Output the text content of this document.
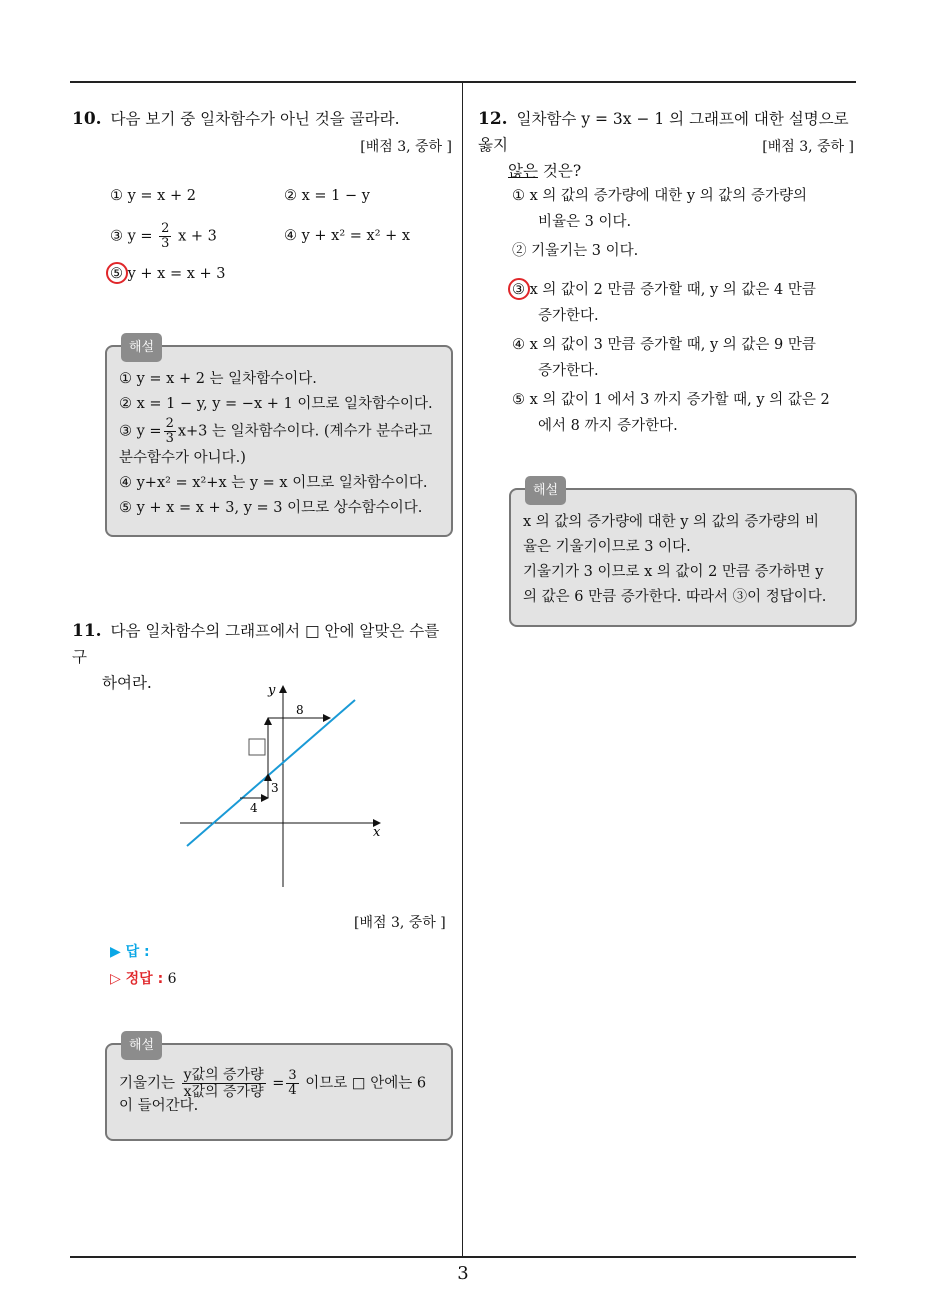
10. 다음 보기 중 일차함수가 아닌 것을 골라라.
[배점 3, 중하 ]
① y = x + 2	② x = 1 − y
③ $y = \frac{2}{3}$ x + 3	④ y + x² = x² + x
⑤ y + x = x + 3
해설
① y = x + 2 는 일차함수이다.
② x = 1 − y, y = −x + 1 이므로 일차함수이다.
③ $y = \frac{2}{3} x+3$ 는 일차함수이다. (계수가 분수라고
분수함수가 아니다.)
④ y+x² = x²+x 는 y = x 이므로 일차함수이다.
⑤ y + x = x + 3, y = 3 이므로 상수함수이다.
11. 다음 일차함수의 그래프에서 □ 안에 알맞은 수를 구
하여라.
x
y
4
3
8
[배점 3, 중하 ]
▶ 답 :
▷ 정답 : 6
해설
기울기는 $\frac{\text{y값의 증가량}}{\text{x값의 증가량}} = \frac{3}{4}$ 이므로 □ 안에는 6
이 들어간다.
12. 일차함수 y = 3x − 1 의 그래프에 대한 설명으로 옳지
않은 것은?
[배점 3, 중하 ]
① x 의 값의 증가량에 대한 y 의 값의 증가량의
비율은 3 이다.
② 기울기는 3 이다.
③ x 의 값이 2 만큼 증가할 때, y 의 값은 4 만큼
증가한다.
④ x 의 값이 3 만큼 증가할 때, y 의 값은 9 만큼
증가한다.
⑤ x 의 값이 1 에서 3 까지 증가할 때, y 의 값은 2
에서 8 까지 증가한다.
해설
x 의 값의 증가량에 대한 y 의 값의 증가량의 비
율은 기울기이므로 3 이다.
기울기가 3 이므로 x 의 값이 2 만큼 증가하면 y
의 값은 6 만큼 증가한다. 따라서 ③이 정답이다.
3
